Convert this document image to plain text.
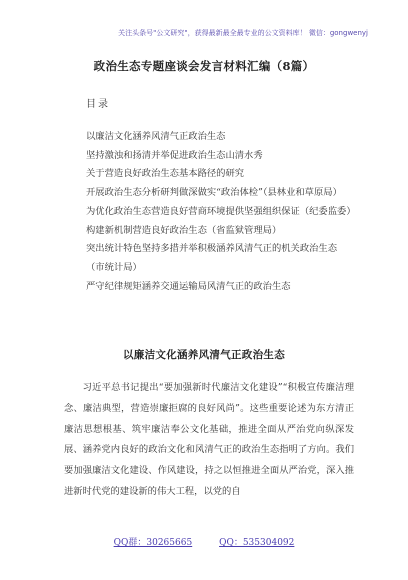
关注头条号"公文研究"，获得最新最全最专业的公文资料库！ 微信：gongwenyj
政治生态专题座谈会发言材料汇编（8篇）
目录

以廉洁文化涵养风清气正政治生态

坚持激浊和扬清并举促进政治生态山清水秀

关于营造良好政治生态基本路径的研究

开展政治生态分析研判做深做实“政治体检”（县林业和草原局）

为优化政治生态营造良好营商环境提供坚强组织保证（纪委监委）

构建新机制营造良好政治生态（省监狱管理局）

突出统计特色坚持多措并举积极涵养风清气正的机关政治生态（市统计局）

严守纪律规矩涵养交通运输局风清气正的政治生态

以廉洁文化涵养风清气正政治生态
习近平总书记提出“要加强新时代廉洁文化建设”“积极宣传廉洁理念、廉洁典型，营造崇廉拒腐的良好风尚”。这些重要论述为东方清正廉洁思想根基、筑牢廉洁奉公文化基础，推进全面从严治党向纵深发展、涵养党内良好的政治文化和风清气正的政治生态指明了方向。我们要加强廉洁文化建设、作风建设，持之以恒推进全面从严治党，深入推进新时代党的建设新的伟大工程，以党的自
QQ群：30265665	QQ：535304092
